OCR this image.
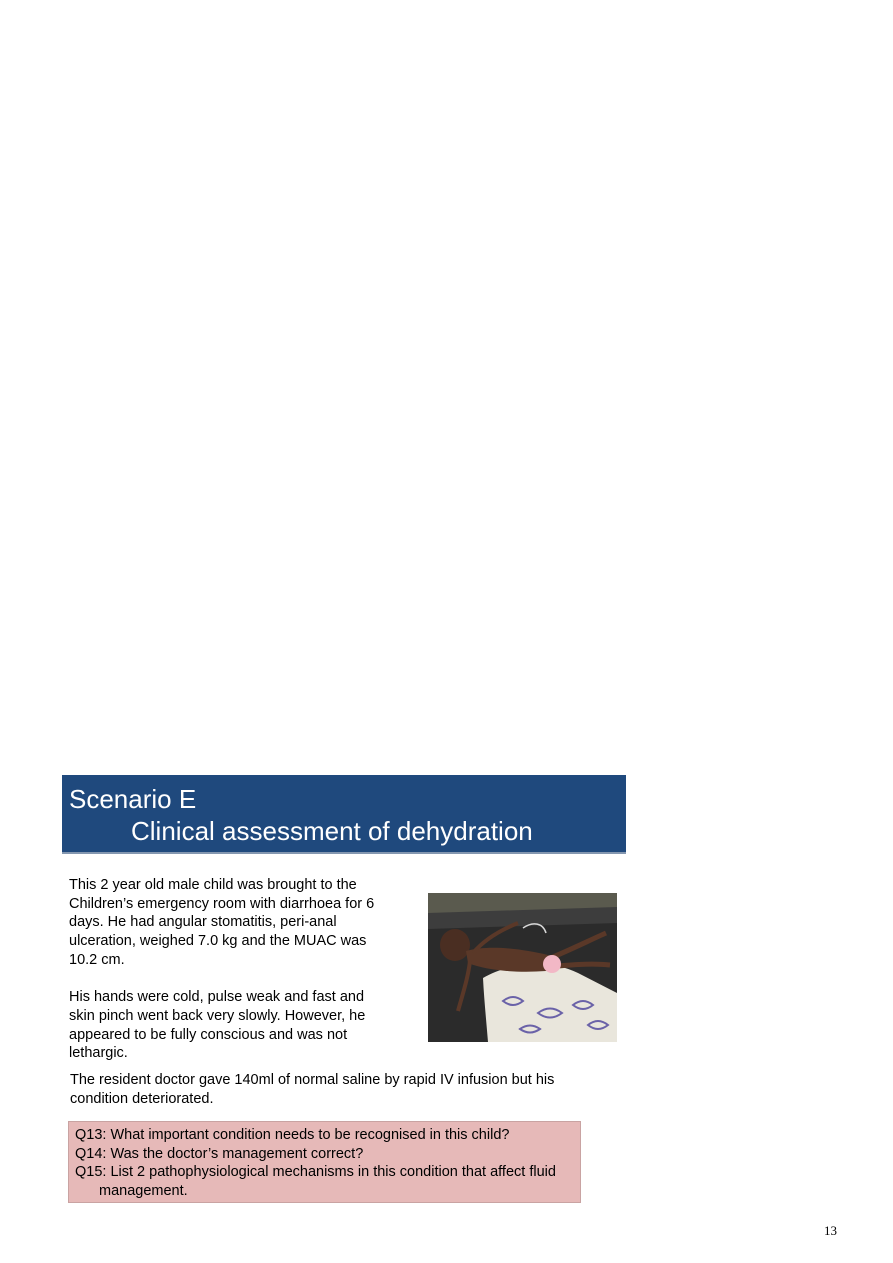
Scenario E
Clinical assessment of dehydration

This 2 year old male child was brought to the
Children’s emergency room with diarrhoea for 6
days. He had angular stomatitis, peri-anal
ulceration, weighed 7.0 kg and the MUAC was
10.2 cm.

His hands were cold, pulse weak and fast and
skin pinch went back very slowly. However, he
appeared to be fully conscious and was not
lethargic.

The resident doctor gave 140ml of normal saline by rapid IV infusion but his condition deteriorated.

Q13: What important condition needs to be recognised in this child?

Q14: Was the doctor’s management correct?

Q15: List 2 pathophysiological mechanisms in this condition that affect fluid management.

13
